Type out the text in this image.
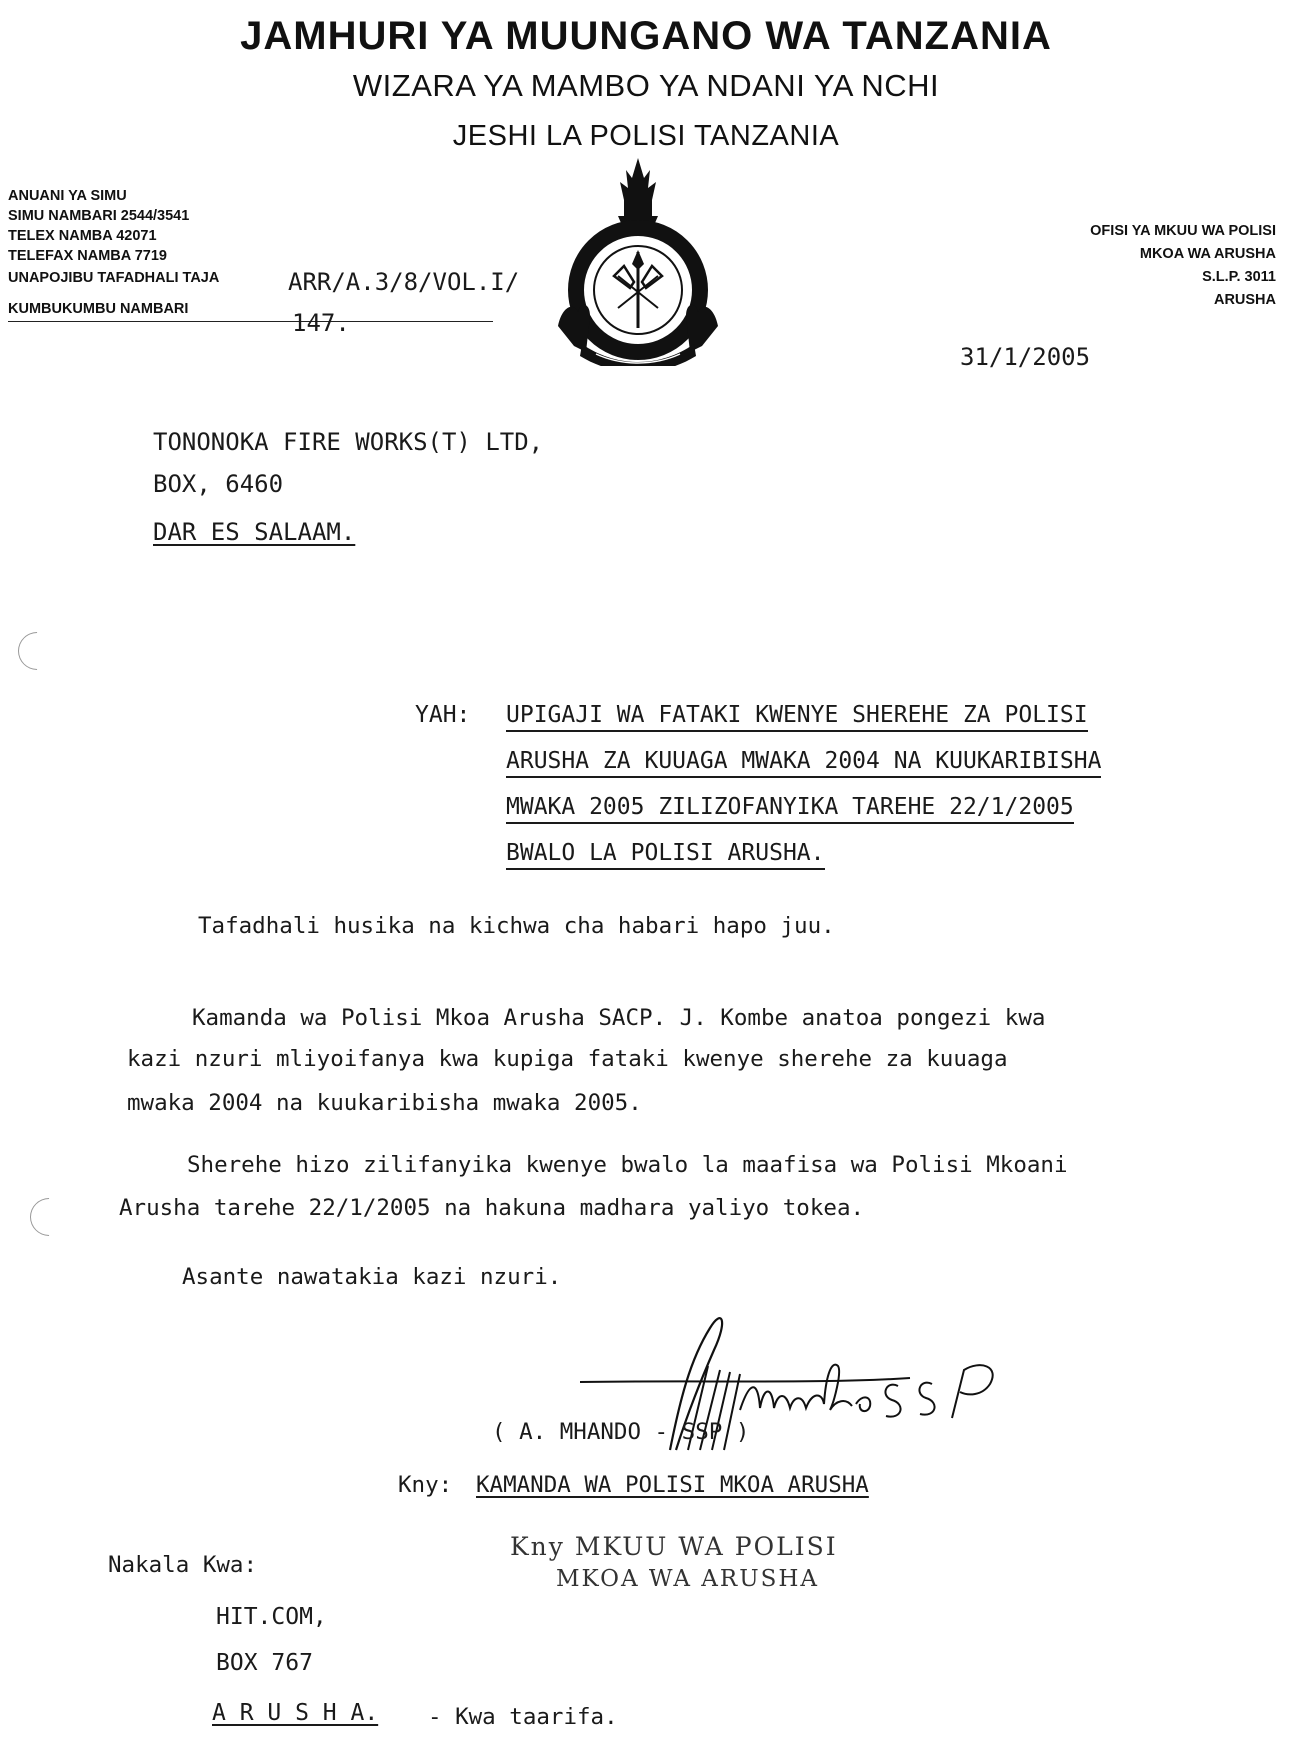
JAMHURI YA MUUNGANO WA TANZANIA
WIZARA YA MAMBO YA NDANI YA NCHI
JESHI LA POLISI TANZANIA
ANUANI YA SIMU
SIMU NAMBARI 2544/3541
TELEX NAMBA 42071
TELEFAX NAMBA 7719
UNAPOJIBU TAFADHALI TAJA
KUMBUKUMBU NAMBARI
OFISI YA MKUU WA POLISI
MKOA WA ARUSHA
S.L.P. 3011
ARUSHA
ARR/A.3/8/VOL.I/
147.
31/1/2005
TONONOKA FIRE WORKS(T) LTD,
BOX, 6460
DAR ES SALAAM.
YAH: UPIGAJI WA FATAKI KWENYE SHEREHE ZA POLISI
ARUSHA ZA KUUAGA MWAKA 2004 NA KUUKARIBISHA
MWAKA 2005 ZILIZOFANYIKA TAREHE 22/1/2005
BWALO LA POLISI ARUSHA.
Tafadhali husika na kichwa cha habari hapo juu.
Kamanda wa Polisi Mkoa Arusha SACP. J. Kombe anatoa pongezi kwa
kazi nzuri mliyoifanya kwa kupiga fataki kwenye sherehe za kuuaga
mwaka 2004 na kuukaribisha mwaka 2005.
Sherehe hizo zilifanyika kwenye bwalo la maafisa wa Polisi Mkoani
Arusha tarehe 22/1/2005 na hakuna madhara yaliyo tokea.
Asante nawatakia kazi nzuri.
( A. MHANDO - SSP )
Kny: KAMANDA WA POLISI MKOA ARUSHA
Kny MKUU WA POLISI
MKOA WA ARUSHA
Nakala Kwa:
HIT.COM,
BOX 767
A R U S H A. - Kwa taarifa.
